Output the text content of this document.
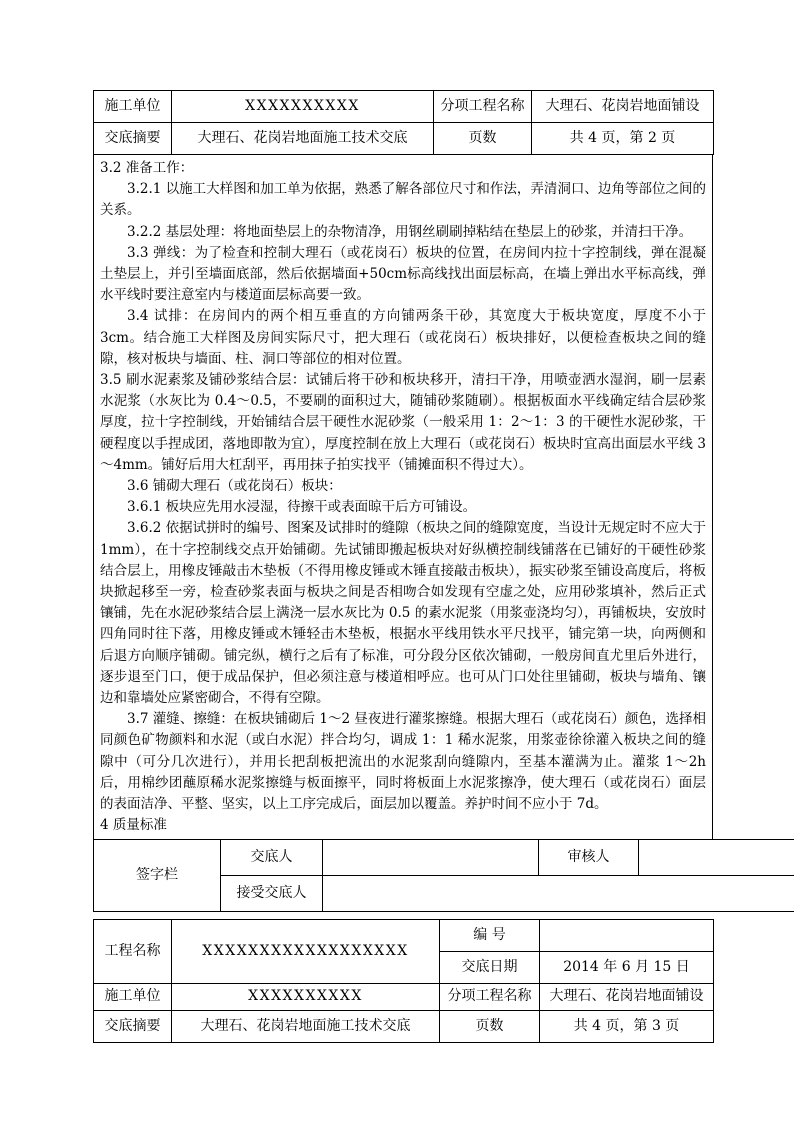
施工单位	XXXXXXXXXX	分项工程名称	大理石、花岗岩地面铺设
交底摘要	大理石、花岗岩地面施工技术交底	页数	共 4 页，第 2 页

3.2 准备工作：

3.2.1 以施工大样图和加工单为依据，熟悉了解各部位尺寸和作法，弄清洞口、边角等部位之间的关系。

3.2.2 基层处理：将地面垫层上的杂物清净，用钢丝刷刷掉粘结在垫层上的砂浆，并清扫干净。

3.3 弹线：为了检查和控制大理石（或花岗石）板块的位置，在房间内拉十字控制线，弹在混凝土垫层上，并引至墙面底部，然后依据墙面+50cm标高线找出面层标高，在墙上弹出水平标高线，弹水平线时要注意室内与楼道面层标高要一致。

3.4 试排：在房间内的两个相互垂直的方向铺两条干砂，其宽度大于板块宽度，厚度不小于3cm。结合施工大样图及房间实际尺寸，把大理石（或花岗石）板块排好，以便检查板块之间的缝隙，核对板块与墙面、柱、洞口等部位的相对位置。

3.5 刷水泥素浆及铺砂浆结合层：试铺后将干砂和板块移开，清扫干净，用喷壶洒水湿润，刷一层素水泥浆（水灰比为 0.4～0.5，不要刷的面积过大，随铺砂浆随刷）。根据板面水平线确定结合层砂浆厚度，拉十字控制线，开始铺结合层干硬性水泥砂浆（一般采用 1：2～1：3 的干硬性水泥砂浆，干硬程度以手捏成团，落地即散为宜），厚度控制在放上大理石（或花岗石）板块时宜高出面层水平线 3～4mm。铺好后用大杠刮平，再用抹子拍实找平（铺摊面积不得过大）。

3.6 铺砌大理石（或花岗石）板块：

3.6.1 板块应先用水浸湿，待擦干或表面晾干后方可铺设。

3.6.2 依据试拼时的编号、图案及试排时的缝隙（板块之间的缝隙宽度，当设计无规定时不应大于 1mm），在十字控制线交点开始铺砌。先试铺即搬起板块对好纵横控制线铺落在已铺好的干硬性砂浆结合层上，用橡皮锤敲击木垫板（不得用橡皮锤或木锤直接敲击板块），振实砂浆至铺设高度后，将板块掀起移至一旁，检查砂浆表面与板块之间是否相吻合如发现有空虚之处，应用砂浆填补，然后正式镶铺，先在水泥砂浆结合层上满浇一层水灰比为 0.5 的素水泥浆（用浆壶浇均匀），再铺板块，安放时四角同时往下落，用橡皮锤或木锤轻击木垫板，根据水平线用铁水平尺找平，铺完第一块，向两侧和后退方向顺序铺砌。铺完纵，横行之后有了标准，可分段分区依次铺砌，一般房间直尤里后外进行，逐步退至门口，便于成品保护，但必须注意与楼道相呼应。也可从门口处往里铺砌，板块与墙角、镶边和靠墙处应紧密砌合，不得有空隙。

3.7 灌缝、擦缝：在板块铺砌后 1～2 昼夜进行灌浆擦缝。根据大理石（或花岗石）颜色，选择相同颜色矿物颜料和水泥（或白水泥）拌合均匀，调成 1：1 稀水泥浆，用浆壶徐徐灌入板块之间的缝隙中（可分几次进行），并用长把刮板把流出的水泥浆刮向缝隙内，至基本灌满为止。灌浆 1～2h 后，用棉纱团蘸原稀水泥浆擦缝与板面擦平，同时将板面上水泥浆擦净，使大理石（或花岗石）面层的表面洁净、平整、坚实，以上工序完成后，面层加以覆盖。养护时间不应小于 7d。

4 质量标准

签字栏	交底人		审核人	
	接受交底人			
工程名称	XXXXXXXXXXXXXXXXXX	编 号	
		交底日期	2014 年 6 月 15 日
施工单位	XXXXXXXXXX	分项工程名称	大理石、花岗岩地面铺设
交底摘要	大理石、花岗岩地面施工技术交底	页数	共 4 页，第 3 页
